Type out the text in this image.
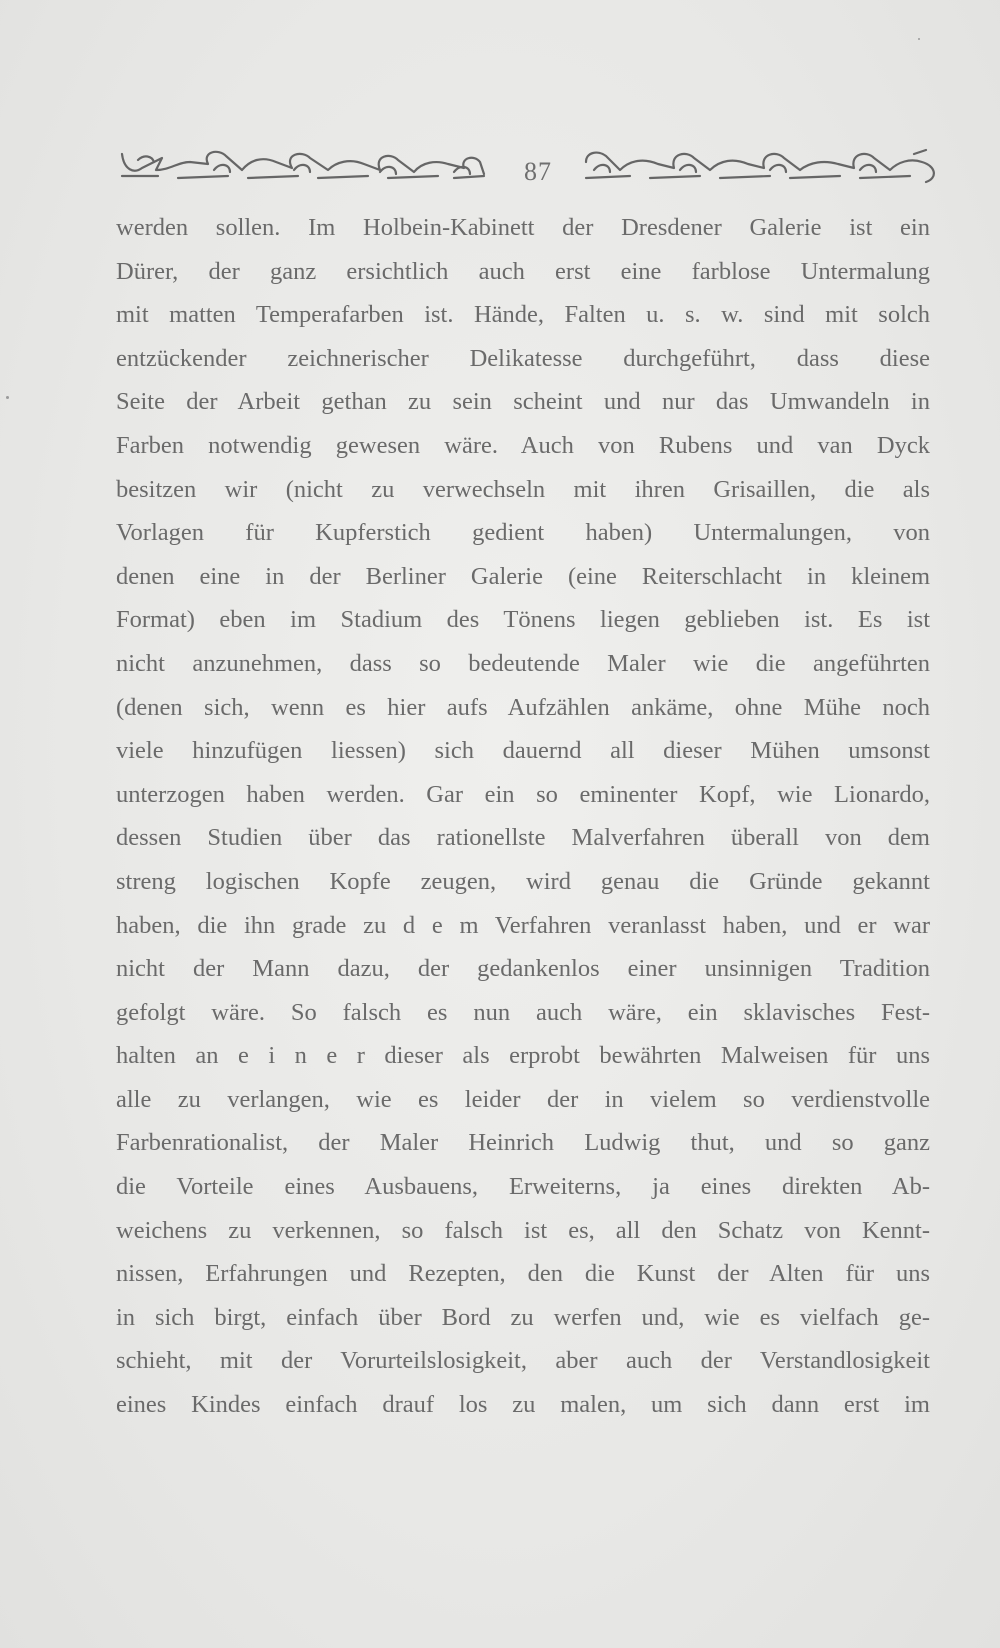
87
werden sollen. Im Holbein-Kabinett der Dresdener Galerie ist ein
Dürer, der ganz ersichtlich auch erst eine farblose Untermalung
mit matten Temperafarben ist. Hände, Falten u. s. w. sind mit solch
entzückender zeichnerischer Delikatesse durchgeführt, dass diese
Seite der Arbeit gethan zu sein scheint und nur das Umwandeln in
Farben notwendig gewesen wäre. Auch von Rubens und van Dyck
besitzen wir (nicht zu verwechseln mit ihren Grisaillen, die als
Vorlagen für Kupferstich gedient haben) Untermalungen, von
denen eine in der Berliner Galerie (eine Reiterschlacht in kleinem
Format) eben im Stadium des Tönens liegen geblieben ist. Es ist
nicht anzunehmen, dass so bedeutende Maler wie die angeführten
(denen sich, wenn es hier aufs Aufzählen ankäme, ohne Mühe noch
viele hinzufügen liessen) sich dauernd all dieser Mühen umsonst
unterzogen haben werden. Gar ein so eminenter Kopf, wie Lionardo,
dessen Studien über das rationellste Malverfahren überall von dem
streng logischen Kopfe zeugen, wird genau die Gründe gekannt
haben, die ihn grade zu d e m Verfahren veranlasst haben, und er war
nicht der Mann dazu, der gedankenlos einer unsinnigen Tradition
gefolgt wäre. So falsch es nun auch wäre, ein sklavisches Fest-
halten an e i n e r dieser als erprobt bewährten Malweisen für uns
alle zu verlangen, wie es leider der in vielem so verdienstvolle
Farbenrationalist, der Maler Heinrich Ludwig thut, und so ganz
die Vorteile eines Ausbauens, Erweiterns, ja eines direkten Ab-
weichens zu verkennen, so falsch ist es, all den Schatz von Kennt-
nissen, Erfahrungen und Rezepten, den die Kunst der Alten für uns
in sich birgt, einfach über Bord zu werfen und, wie es vielfach ge-
schieht, mit der Vorurteilslosigkeit, aber auch der Verstandlosigkeit
eines Kindes einfach drauf los zu malen, um sich dann erst im
